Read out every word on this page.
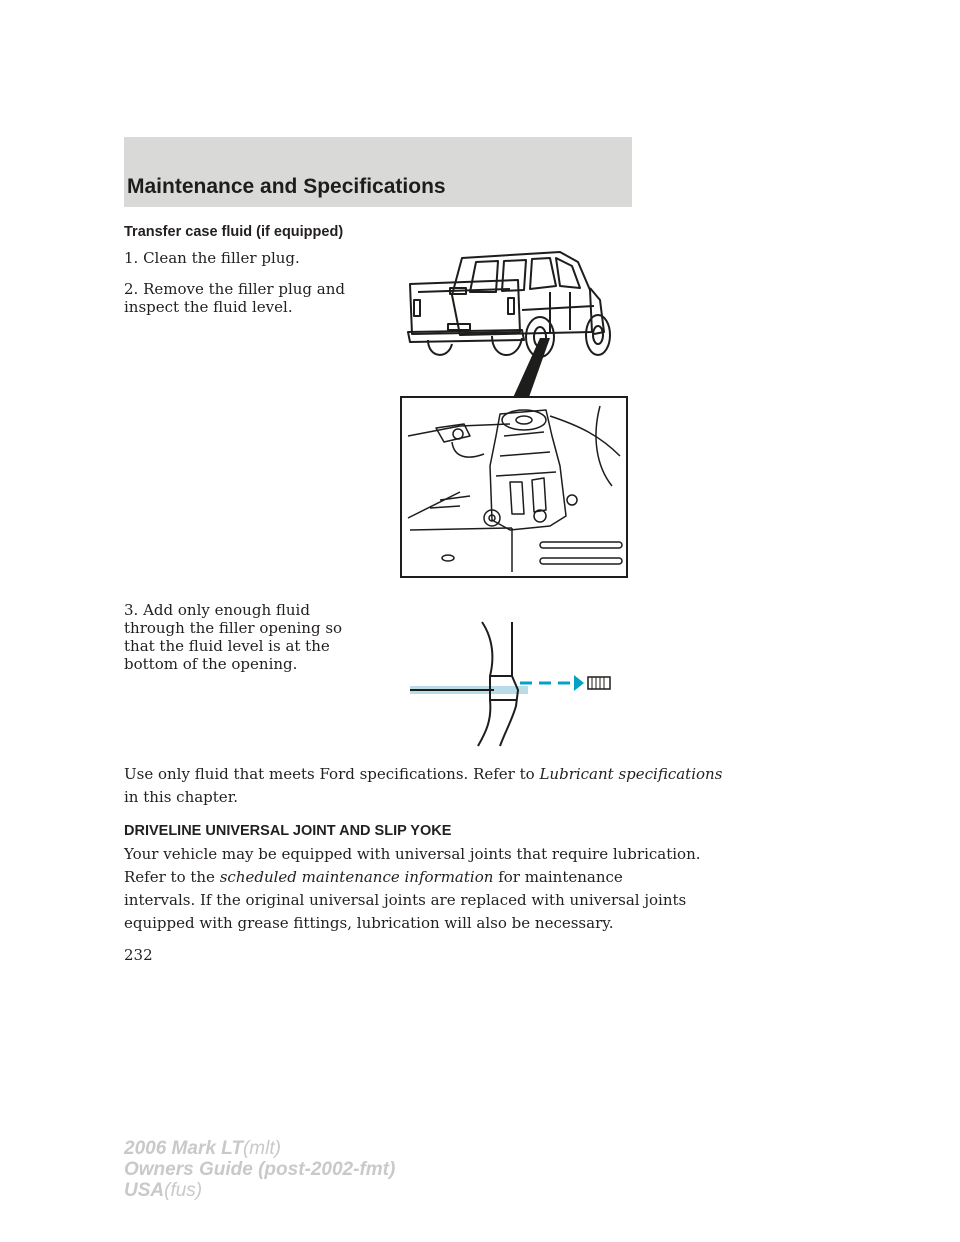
Maintenance and Specifications
Transfer case fluid (if equipped)
1. Clean the filler plug.
2. Remove the filler plug and inspect the fluid level.
3. Add only enough fluid through the filler opening so that the fluid level is at the bottom of the opening.
Use only fluid that meets Ford specifications. Refer to Lubricant specifications
in this chapter.
DRIVELINE UNIVERSAL JOINT AND SLIP YOKE
Your vehicle may be equipped with universal joints that require lubrication.
Refer to the scheduled maintenance information for maintenance
intervals. If the original universal joints are replaced with universal joints
equipped with grease fittings, lubrication will also be necessary.
232
2006 Mark LT(mlt)
Owners Guide (post-2002-fmt)
USA(fus)
